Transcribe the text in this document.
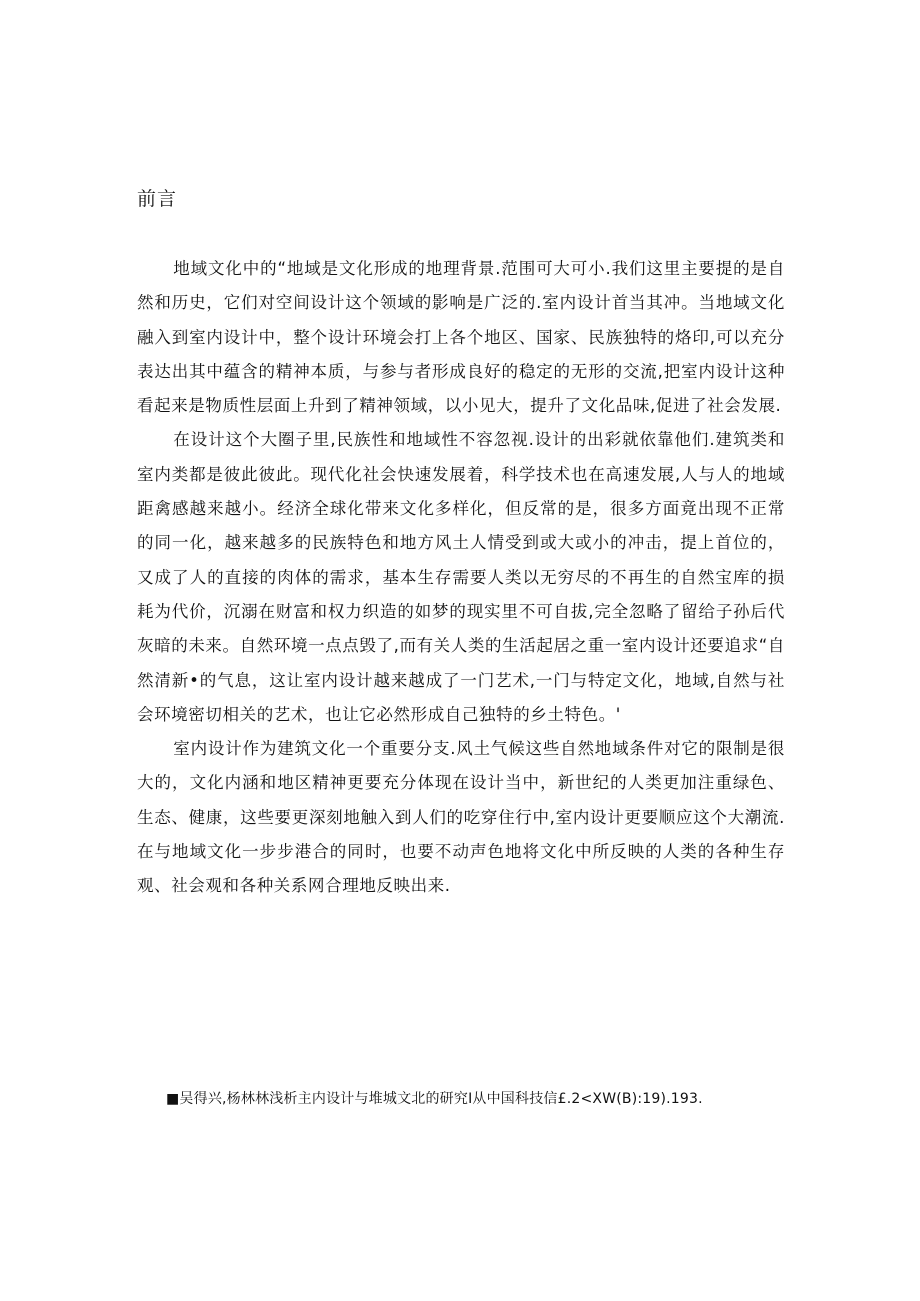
前言

地域文化中的“地域是文化形成的地理背景.范围可大可小.我们这里主要提的是自然和历史，它们对空间设计这个领域的影响是广泛的.室内设计首当其冲。当地域文化融入到室内设计中，整个设计环境会打上各个地区、国家、民族独特的烙印,可以充分表达出其中蕴含的精神本质，与参与者形成良好的稳定的无形的交流,把室内设计这种看起来是物质性层面上升到了精神领域，以小见大，提升了文化品味,促进了社会发展.

在设计这个大圈子里,民族性和地域性不容忽视.设计的出彩就依靠他们.建筑类和室内类都是彼此彼此。现代化社会快速发展着，科学技术也在高速发展,人与人的地域距禽感越来越小。经济全球化带来文化多样化，但反常的是，很多方面竟出现不正常的同一化，越来越多的民族特色和地方风土人情受到或大或小的冲击，提上首位的，又成了人的直接的肉体的需求，基本生存需要人类以无穷尽的不再生的自然宝库的损耗为代价，沉溺在财富和权力织造的如梦的现实里不可自拔,完全忽略了留给子孙后代灰暗的未来。自然环境一点点毁了,而有关人类的生活起居之重一室内设计还要追求“自然清新•的气息，这让室内设计越来越成了一门艺术,一门与特定文化，地域,自然与社会环境密切相关的艺术，也让它必然形成自己独特的乡土特色。'

室内设计作为建筑文化一个重要分支.风土气候这些自然地域条件对它的限制是很大的，文化内涵和地区精神更要充分体现在设计当中，新世纪的人类更加注重绿色、生态、健康，这些要更深刻地触入到人们的吃穿住行中,室内设计更要顺应这个大潮流.在与地域文化一步步港合的同时，也要不动声色地将文化中所反映的人类的各种生存观、社会观和各种关系网合理地反映出来.

■吴得兴,杨林林浅析主内设计与堆城文北的研究I从中国科技信£.2<XW(B):19).193.
